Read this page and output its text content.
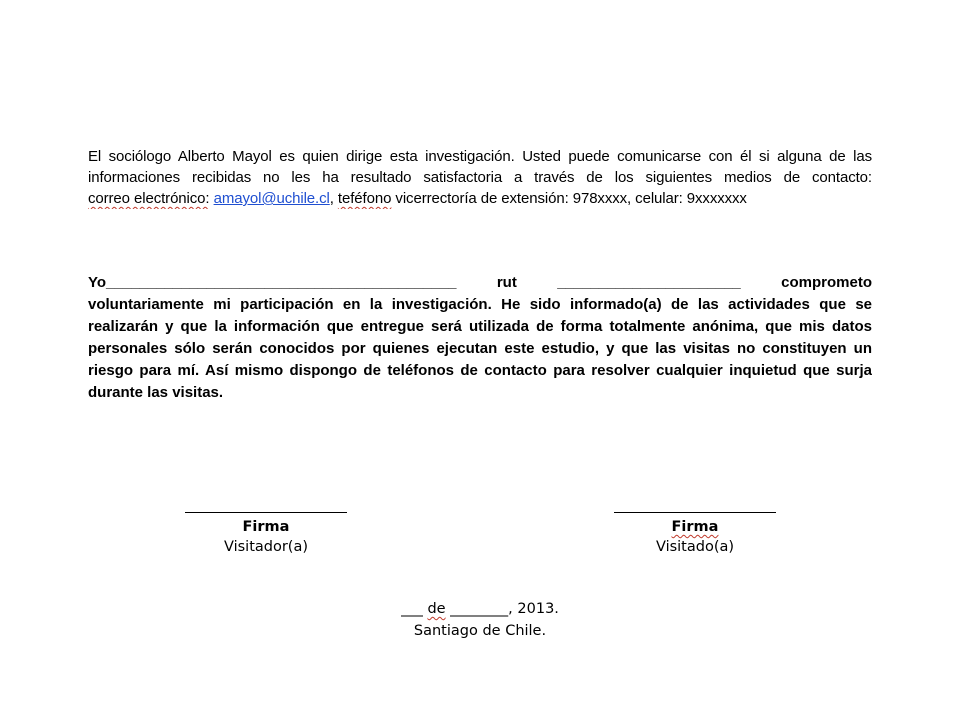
El sociólogo Alberto Mayol es quien dirige esta investigación. Usted puede comunicarse con él si alguna de las
informaciones recibidas no les ha resultado satisfactoria a través de los siguientes medios de contacto:
correo electrónico: amayol@uchile.cl, teféfono vicerrectoría de extensión: 978xxxx, celular: 9xxxxxxx
Yo__________________________________________ rut ______________________ comprometo
voluntariamente mi participación en la investigación. He sido informado(a) de las actividades que se
realizarán y que la información que entregue será utilizada de forma totalmente anónima, que mis datos
personales sólo serán conocidos por quienes ejecutan este estudio, y que las visitas no constituyen un
riesgo para mí. Así mismo dispongo de teléfonos de contacto para resolver cualquier inquietud que surja
durante las visitas.
Firma
Visitador(a)
Firma
Visitado(a)
___ de ________, 2013.
Santiago de Chile.
